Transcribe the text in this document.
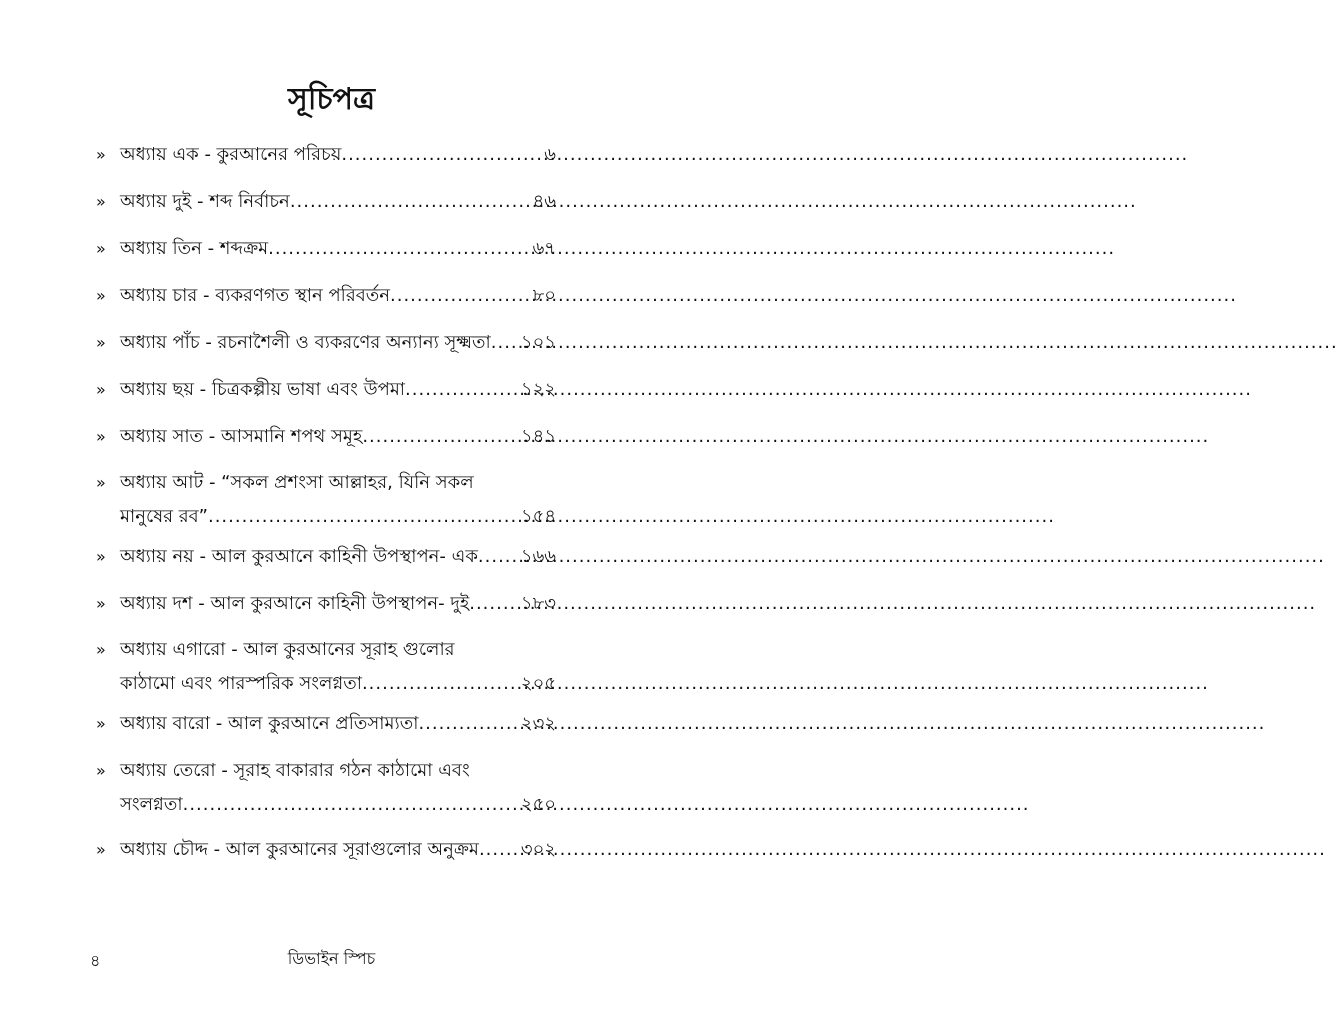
সূচিপত্র
» অধ্যায় এক - কুরআনের পরিচয় .....	৬
» অধ্যায় দুই - শব্দ নির্বাচন .....	৪৬
» অধ্যায় তিন - শব্দক্রম .....	৬৭
» অধ্যায় চার - ব্যকরণগত স্থান পরিবর্তন .....	৮০
» অধ্যায় পাঁচ - রচনাশৈলী ও ব্যকরণের অন্যান্য সূক্ষ্মতা ..... ১০১
» অধ্যায় ছয় - চিত্রকল্পীয় ভাষা এবং উপমা .....	১২২
» অধ্যায় সাত - আসমানি শপথ সমূহ .....	১৪১
» অধ্যায় আট - “সকল প্রশংসা আল্লাহর, যিনি সকল
মানুষের রব” .....	১৫৪
» অধ্যায় নয় - আল কুরআনে কাহিনী উপস্থাপন- এক ..... ১৬৬
» অধ্যায় দশ - আল কুরআনে কাহিনী উপস্থাপন- দুই .....	১৮৩
» অধ্যায় এগারো - আল কুরআনের সূরাহ গুলোর
কাঠামো এবং পারস্পরিক সংলগ্নতা .....	২০৫
» অধ্যায় বারো - আল কুরআনে প্রতিসাম্যতা .....	২৩২
» অধ্যায় তেরো - সূরাহ বাকারার গঠন কাঠামো এবং
সংলগ্নতা .....	২৫০
» অধ্যায় চৌদ্দ - আল কুরআনের সূরাগুলোর অনুক্রম ..... ৩০২
৪	ডিভাইন স্পিচ
